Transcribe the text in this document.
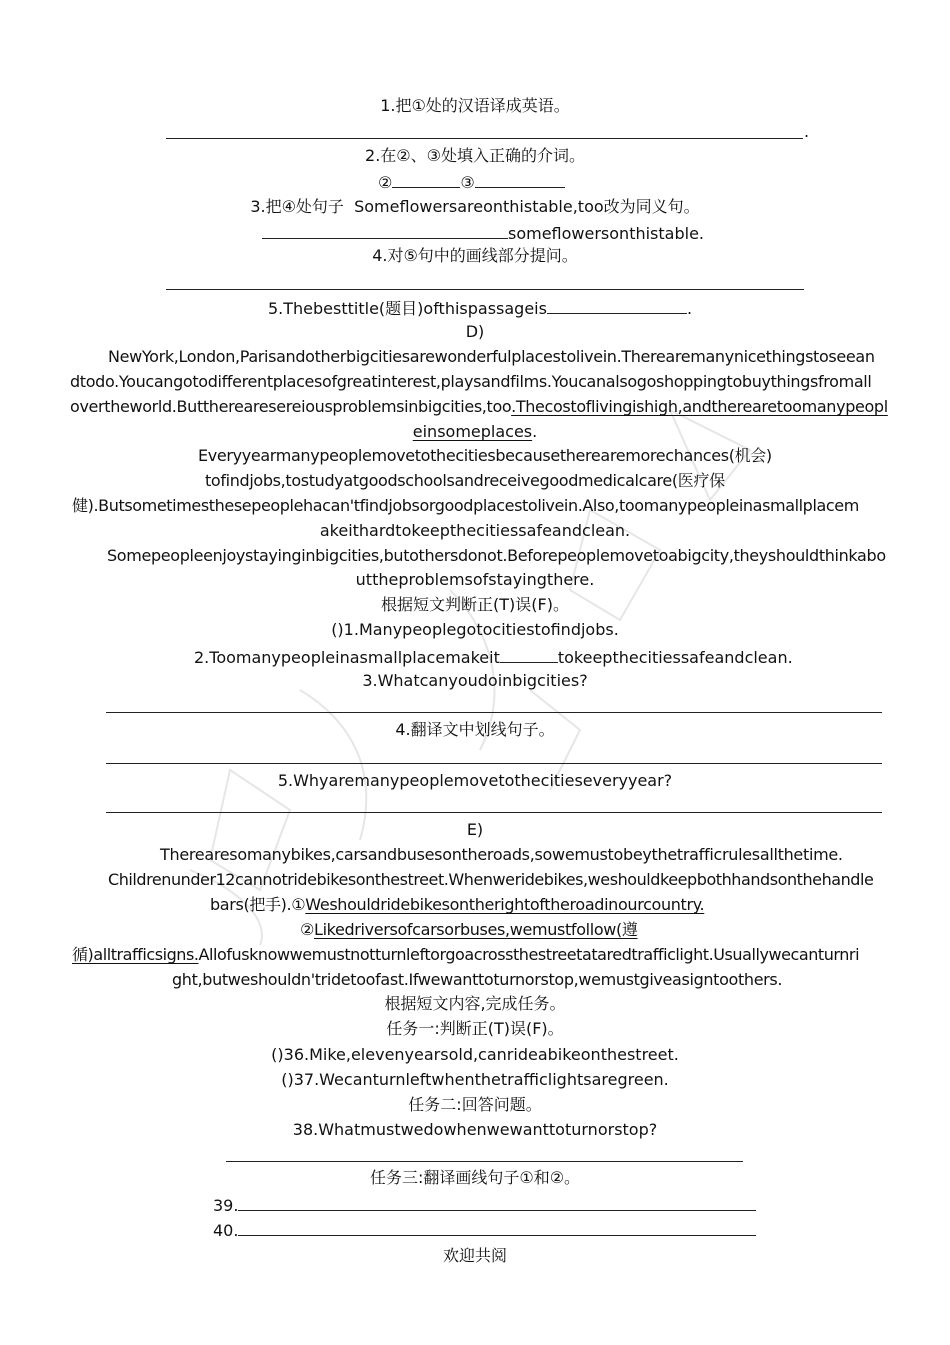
1.把①处的汉语译成英语。
.
2.在②、③处填入正确的介词。
②	③
3.把④处句子 Someflowersareonthistable,too改为同义句。
someflowersonthistable.
4.对⑤句中的画线部分提问。
5.Thebesttitle(题目)ofthispassageis	.
D)
NewYork,London,Parisandotherbigcitiesarewonderfulplacestolivein.Therearemanynicethingstoseean
dtodo.Youcangotodifferentplacesofgreatinterest,playsandfilms.Youcanalsogoshoppingtobuythingsfromall
overtheworld.Buttherearesereiousproblemsinbigcities,too.Thecostoflivingishigh,andtherearetoomanypeopl
einsomeplaces.
Everyyearmanypeoplemovetothecitiesbecausetherearemorechances(机会)
tofindjobs,tostudyatgoodschoolsandreceivegoodmedicalcare(医疗保
健).Butsometimesthesepeoplehacan'tfindjobsorgoodplacestolivein.Also,toomanypeopleinasmallplacem
akeithardtokeepthecitiessafeandclean.
Somepeopleenjoystayinginbigcities,butothersdonot.Beforepeoplemovetoabigcity,theyshouldthinkabo
uttheproblemsofstayingthere.
根据短文判断正(T)误(F)。
()1.Manypeoplegotocitiestofindjobs.
2.Toomanypeopleinasmallplacemakeit	tokeepthecitiessafeandclean.
3.Whatcanyoudoinbigcities?
4.翻译文中划线句子。
5.Whyaremanypeoplemovetothecitieseveryyear?
E)
Therearesomanybikes,carsandbusesontheroads,sowemustobeythetrafficrulesallthetime.
Childrenunder12cannotridebikesonthestreet.Whenweridebikes,weshouldkeepbothhandsonthehandle
bars(把手).①Weshouldridebikesontherightoftheroadinourcountry.
②Likedriversofcarsorbuses,wemustfollow(遵
循)alltrafficsigns.Allofusknowwemustnotturnleftorgoacrossthestreetataredtrafficlight.Usuallywecanturnri
ght,butweshouldn'tridetoofast.Ifwewanttoturnorstop,wemustgiveasigntoothers.
根据短文内容,完成任务。
任务一:判断正(T)误(F)。
()36.Mike,elevenyearsold,canrideabikeonthestreet.
()37.Wecanturnleftwhenthetrafficlightsaregreen.
任务二:回答问题。
38.Whatmustwedowhenwewanttoturnorstop?
任务三:翻译画线句子①和②。
39.
40.
欢迎共阅
